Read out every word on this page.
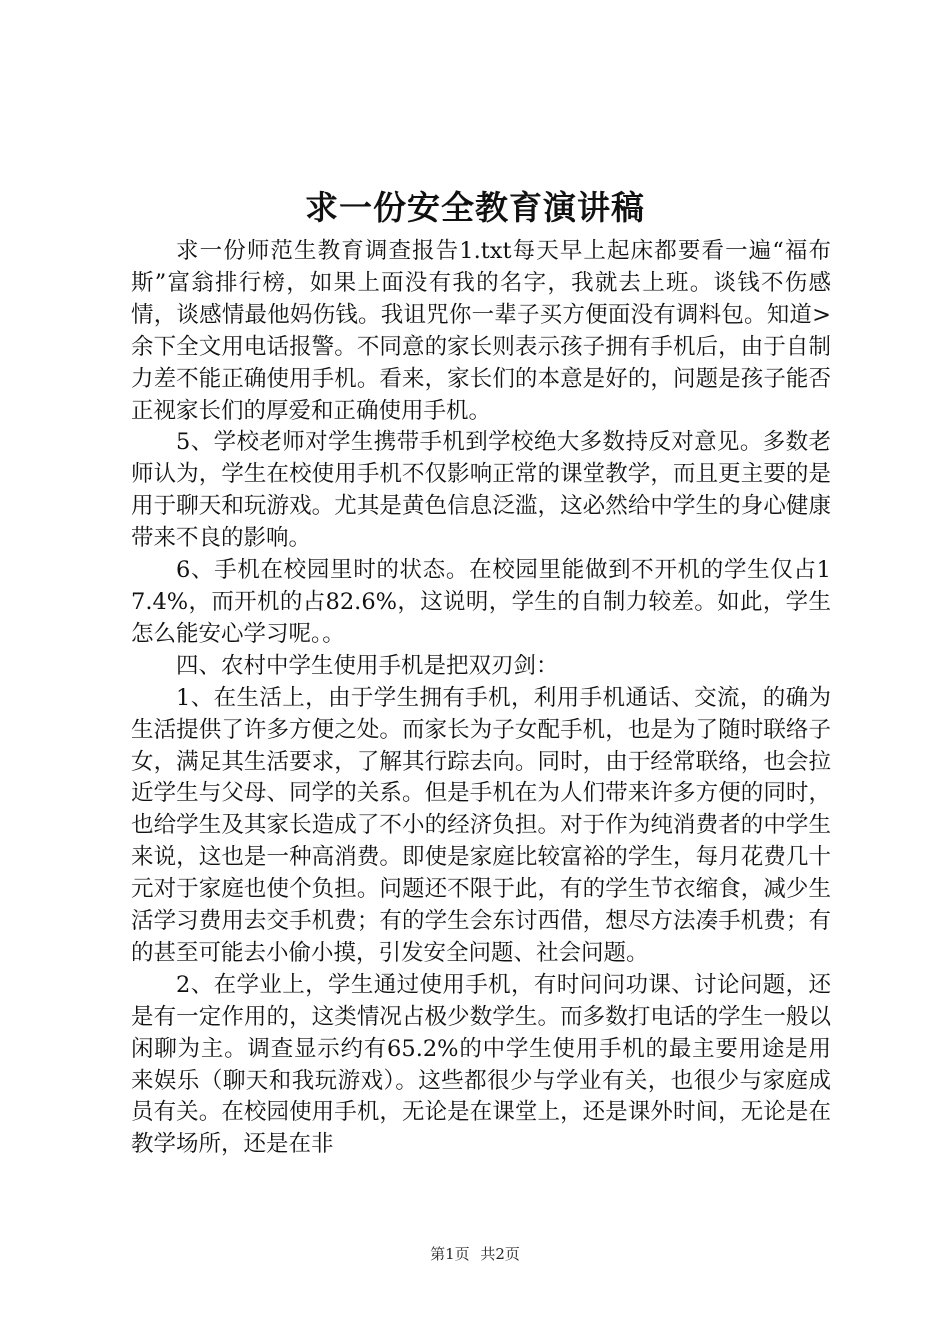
求一份安全教育演讲稿

求一份师范生教育调查报告1.txt每天早上起床都要看一遍“福布斯”富翁排行榜，如果上面没有我的名字，我就去上班。谈钱不伤感情，谈感情最他妈伤钱。我诅咒你一辈子买方便面没有调料包。知道>余下全文用电话报警。不同意的家长则表示孩子拥有手机后，由于自制力差不能正确使用手机。看来，家长们的本意是好的，问题是孩子能否正视家长们的厚爱和正确使用手机。

5、学校老师对学生携带手机到学校绝大多数持反对意见。多数老师认为，学生在校使用手机不仅影响正常的课堂教学，而且更主要的是用于聊天和玩游戏。尤其是黄色信息泛滥，这必然给中学生的身心健康带来不良的影响。

6、手机在校园里时的状态。在校园里能做到不开机的学生仅占17.4%，而开机的占82.6%，这说明，学生的自制力较差。如此，学生怎么能安心学习呢。。

四、农村中学生使用手机是把双刃剑：

1、在生活上，由于学生拥有手机，利用手机通话、交流，的确为生活提供了许多方便之处。而家长为子女配手机，也是为了随时联络子女，满足其生活要求，了解其行踪去向。同时，由于经常联络，也会拉近学生与父母、同学的关系。但是手机在为人们带来许多方便的同时，也给学生及其家长造成了不小的经济负担。对于作为纯消费者的中学生来说，这也是一种高消费。即使是家庭比较富裕的学生，每月花费几十元对于家庭也使个负担。问题还不限于此，有的学生节衣缩食，减少生活学习费用去交手机费；有的学生会东讨西借，想尽方法凑手机费；有的甚至可能去小偷小摸，引发安全问题、社会问题。

2、在学业上，学生通过使用手机，有时问问功课、讨论问题，还是有一定作用的，这类情况占极少数学生。而多数打电话的学生一般以闲聊为主。调查显示约有65.2%的中学生使用手机的最主要用途是用来娱乐（聊天和我玩游戏）。这些都很少与学业有关，也很少与家庭成员有关。在校园使用手机，无论是在课堂上，还是课外时间，无论是在教学场所，还是在非

第1页 共2页
